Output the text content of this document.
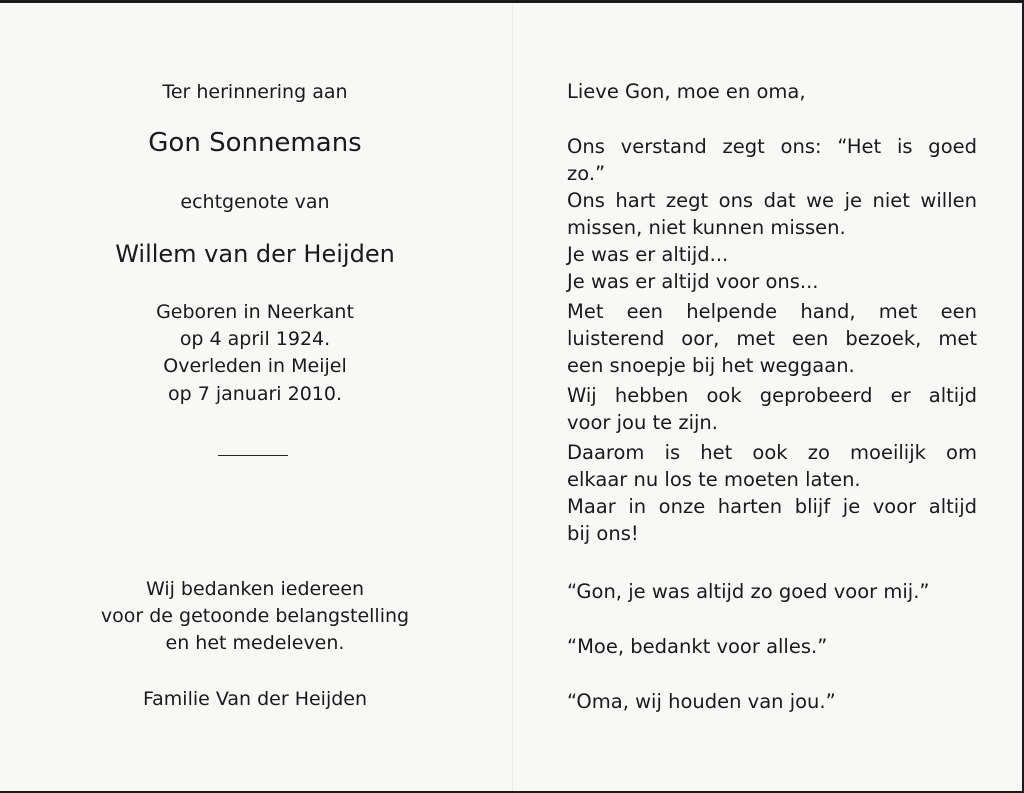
Ter herinnering aan
Gon Sonnemans
echtgenote van
Willem van der Heijden
Geboren in Neerkant
op 4 april 1924.
Overleden in Meijel
op 7 januari 2010.
Wij bedanken iedereen
voor de getoonde belangstelling
en het medeleven.
Familie Van der Heijden
Lieve Gon, moe en oma,
Ons verstand zegt ons: “Het is goed
zo.”
Ons hart zegt ons dat we je niet willen
missen, niet kunnen missen.
Je was er altijd...
Je was er altijd voor ons...
Met een helpende hand, met een
luisterend oor, met een bezoek, met
een snoepje bij het weggaan.
Wij hebben ook geprobeerd er altijd
voor jou te zijn.
Daarom is het ook zo moeilijk om
elkaar nu los te moeten laten.
Maar in onze harten blijf je voor altijd
bij ons!
“Gon, je was altijd zo goed voor mij.”
“Moe, bedankt voor alles.”
“Oma, wij houden van jou.”
